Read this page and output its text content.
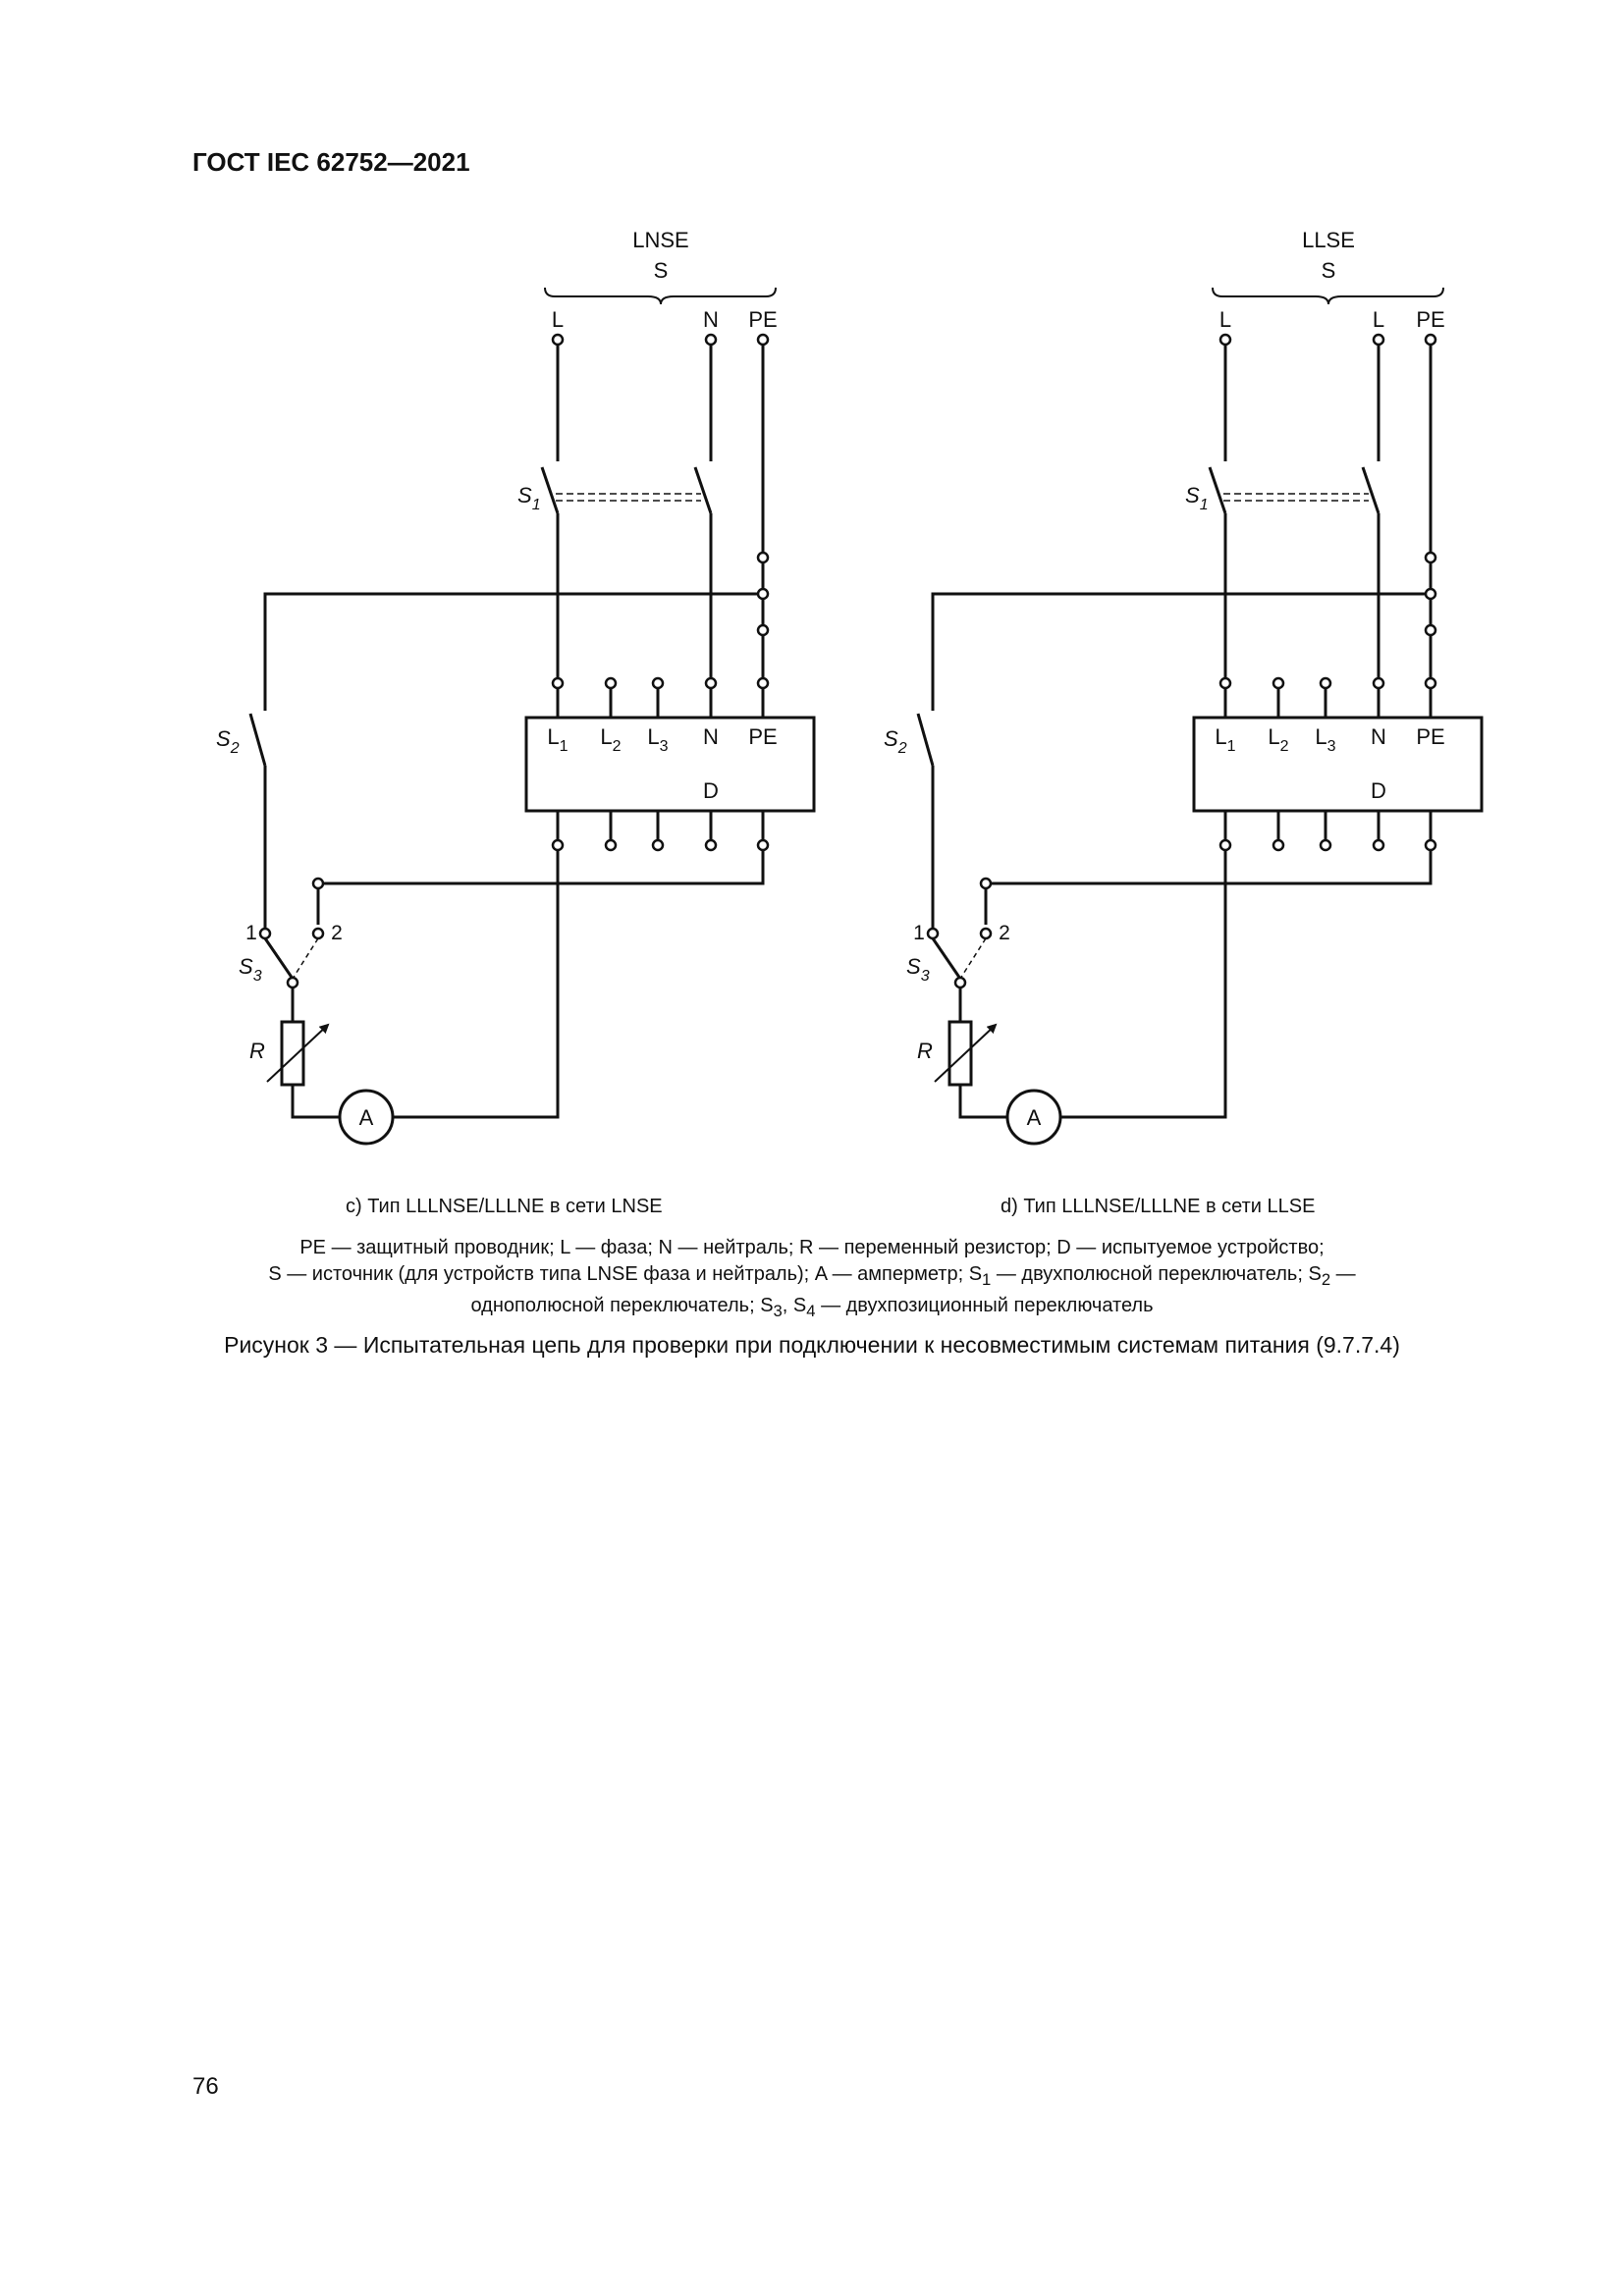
ГОСТ IEC 62752—2021
LNSE
S
L	N PE
$S_1$
$S_2$	$L_1$ $L_2$ $L_3$ N PE
D
1	2
$S_3$
R
A
LLSE
S
L	L PE
$S_1$
$S_2$	$L_1$ $L_2$ $L_3$ N PE
D
1	2
$S_3$
R
A
c) Тип LLLNSE/LLLNE в сети LNSE	d) Тип LLLNSE/LLLNE в сети LLSE
PE — защитный проводник; L — фаза; N — нейтраль; R — переменный резистор; D — испытуемое устройство;
S — источник (для устройств типа LNSE фаза и нейтраль); A — амперметр; $S_1$ — двухполюсной переключатель; $S_2$ —
однополюсной переключатель; $S_3$, $S_4$ — двухпозиционный переключатель
Рисунок 3 — Испытательная цепь для проверки при подключении к несовместимым системам питания (9.7.7.4)
76
